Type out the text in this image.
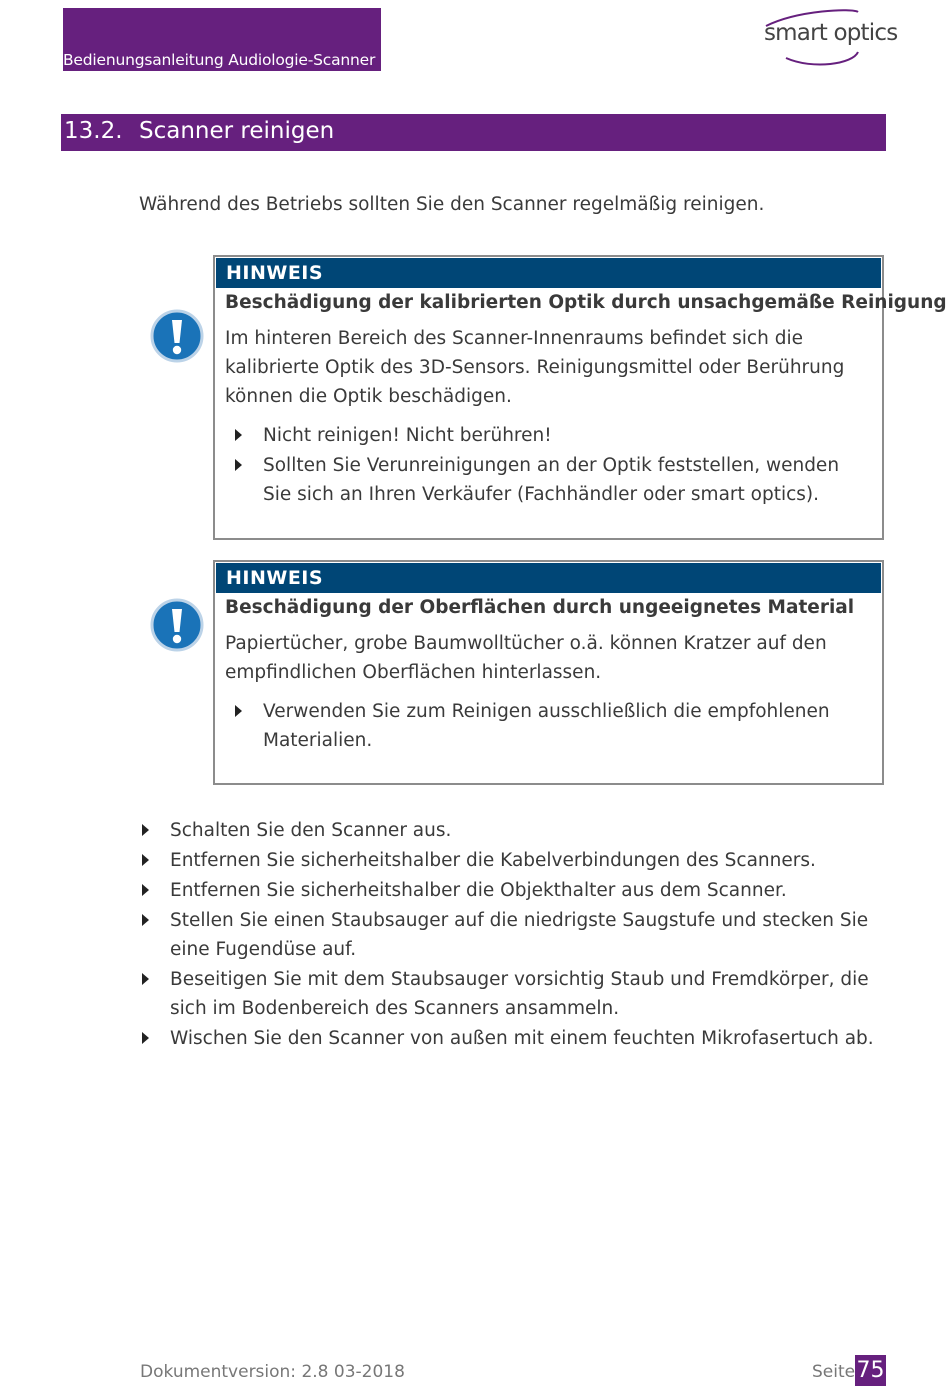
Bedienungsanleitung Audiologie-Scanner
smart optics
13.2. Scanner reinigen
Während des Betriebs sollten Sie den Scanner regelmäßig reinigen.
HINWEIS
Beschädigung der kalibrierten Optik durch unsachgemäße Reinigung
Im hinteren Bereich des Scanner-Innenraums befindet sich die kalibrierte Optik des 3D-Sensors. Reinigungsmittel oder Berührung können die Optik beschädigen.
Nicht reinigen! Nicht berühren!
Sollten Sie Verunreinigungen an der Optik feststellen, wenden Sie sich an Ihren Verkäufer (Fachhändler oder smart optics).
HINWEIS
Beschädigung der Oberflächen durch ungeeignetes Material
Papiertücher, grobe Baumwolltücher o.ä. können Kratzer auf den empfindlichen Oberflächen hinterlassen.
Verwenden Sie zum Reinigen ausschließlich die empfohlenen Materialien.
Schalten Sie den Scanner aus.
Entfernen Sie sicherheitshalber die Kabelverbindungen des Scanners.
Entfernen Sie sicherheitshalber die Objekthalter aus dem Scanner.
Stellen Sie einen Staubsauger auf die niedrigste Saugstufe und stecken Sie eine Fugendüse auf.
Beseitigen Sie mit dem Staubsauger vorsichtig Staub und Fremdkörper, die sich im Bodenbereich des Scanners ansammeln.
Wischen Sie den Scanner von außen mit einem feuchten Mikrofasertuch ab.
Dokumentversion: 2.8 03-2018	Seite 75
